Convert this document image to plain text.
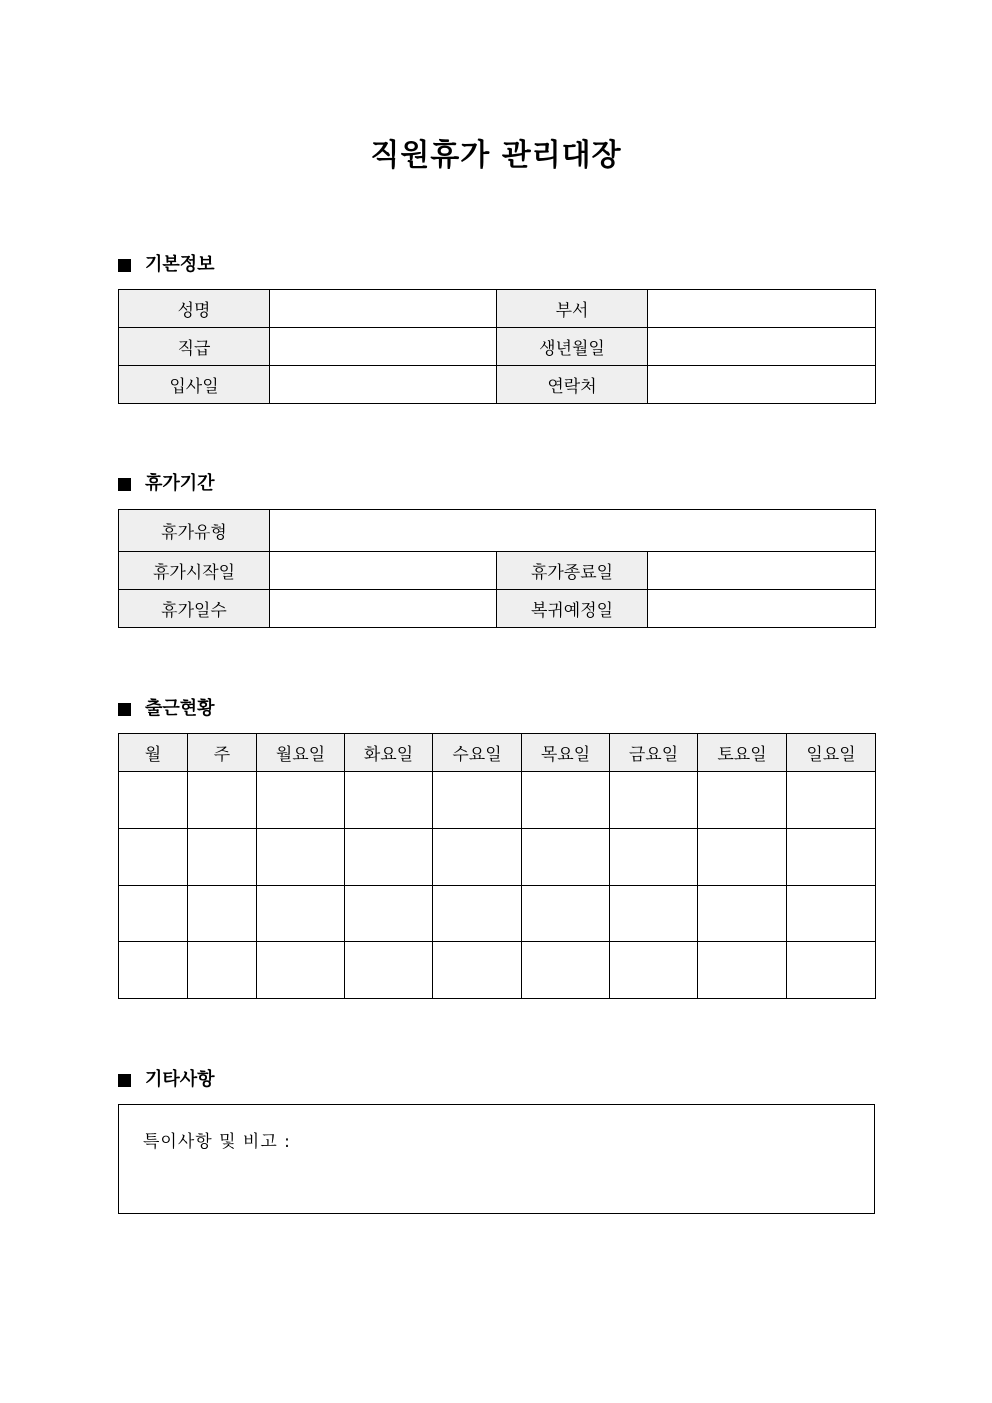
직원휴가 관리대장
기본정보
성명		부서	
직급		생년월일	
입사일		연락처	
휴가기간
휴가유형			
휴가시작일		휴가종료일	
휴가일수		복귀예정일	
출근현황
월	주	월요일	화요일	수요일	목요일	금요일	토요일	일요일

기타사항
특이사항 및 비고 :
